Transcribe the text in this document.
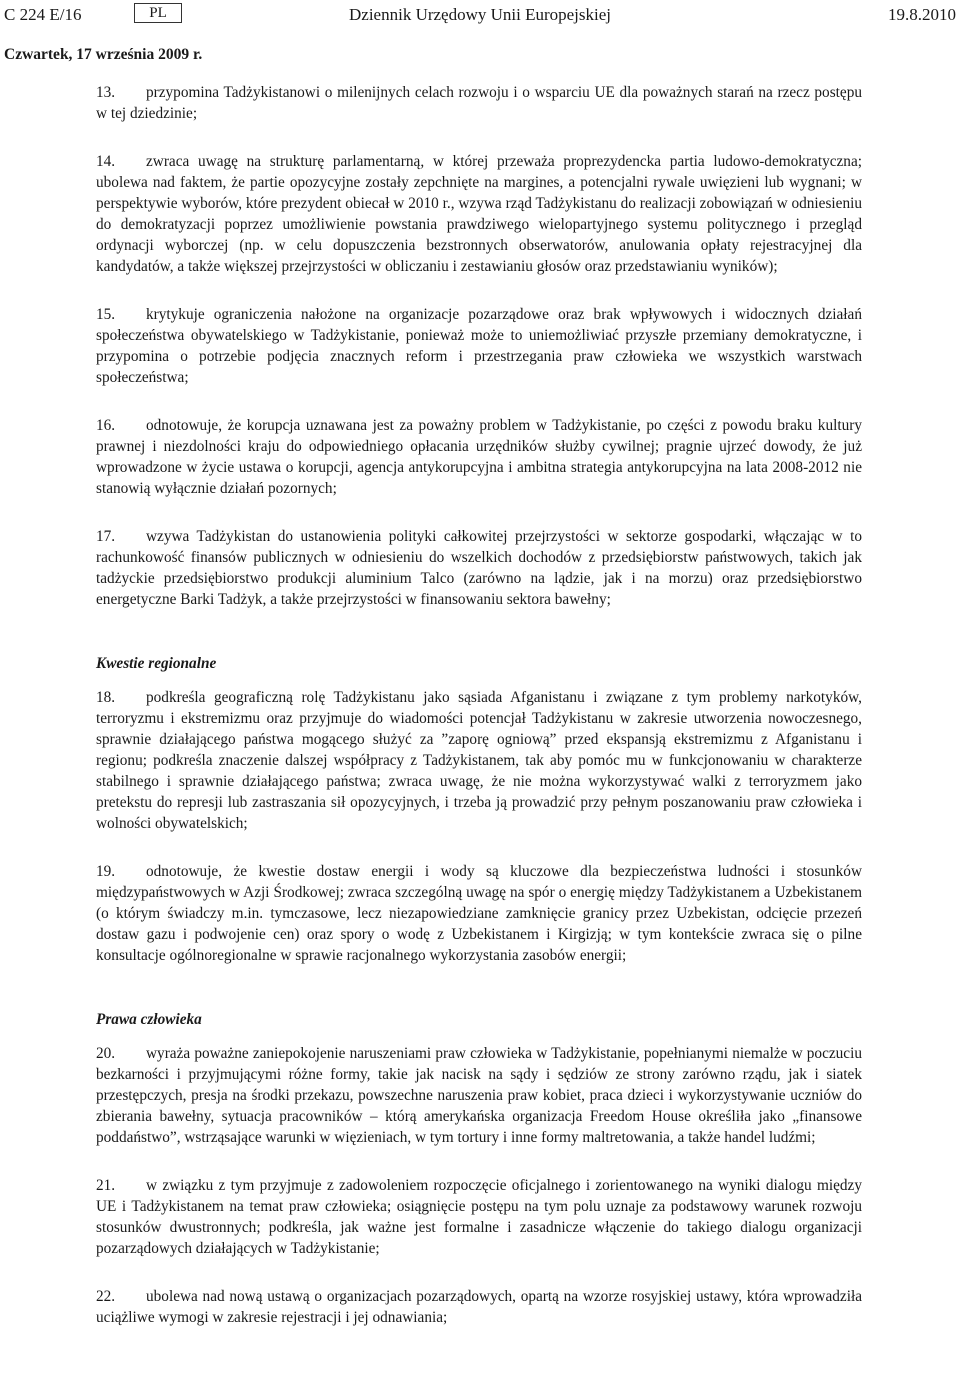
C 224 E/16	PL	Dziennik Urzędowy Unii Europejskiej	19.8.2010
Czwartek, 17 września 2009 r.

13. przypomina Tadżykistanowi o milenijnych celach rozwoju i o wsparciu UE dla poważnych starań na rzecz postępu w tej dziedzinie;

14. zwraca uwagę na strukturę parlamentarną, w której przeważa proprezydencka partia ludowo-demokratyczna; ubolewa nad faktem, że partie opozycyjne zostały zepchnięte na margines, a potencjalni rywale uwięzieni lub wygnani; w perspektywie wyborów, które prezydent obiecał w 2010 r., wzywa rząd Tadżykistanu do realizacji zobowiązań w odniesieniu do demokratyzacji poprzez umożliwienie powstania prawdziwego wielopartyjnego systemu politycznego i przegląd ordynacji wyborczej (np. w celu dopuszczenia bezstronnych obserwatorów, anulowania opłaty rejestracyjnej dla kandydatów, a także większej przejrzystości w obliczaniu i zestawianiu głosów oraz przedstawianiu wyników);

15. krytykuje ograniczenia nałożone na organizacje pozarządowe oraz brak wpływowych i widocznych działań społeczeństwa obywatelskiego w Tadżykistanie, ponieważ może to uniemożliwiać przyszłe przemiany demokratyczne, i przypomina o potrzebie podjęcia znacznych reform i przestrzegania praw człowieka we wszystkich warstwach społeczeństwa;

16. odnotowuje, że korupcja uznawana jest za poważny problem w Tadżykistanie, po części z powodu braku kultury prawnej i niezdolności kraju do odpowiedniego opłacania urzędników służby cywilnej; pragnie ujrzeć dowody, że już wprowadzone w życie ustawa o korupcji, agencja antykorupcyjna i ambitna strategia antykorupcyjna na lata 2008-2012 nie stanowią wyłącznie działań pozornych;

17. wzywa Tadżykistan do ustanowienia polityki całkowitej przejrzystości w sektorze gospodarki, włączając w to rachunkowość finansów publicznych w odniesieniu do wszelkich dochodów z przedsiębiorstw państwowych, takich jak tadżyckie przedsiębiorstwo produkcji aluminium Talco (zarówno na lądzie, jak i na morzu) oraz przedsiębiorstwo energetyczne Barki Tadżyk, a także przejrzystości w finansowaniu sektora bawełny;

Kwestie regionalne

18. podkreśla geograficzną rolę Tadżykistanu jako sąsiada Afganistanu i związane z tym problemy narkotyków, terroryzmu i ekstremizmu oraz przyjmuje do wiadomości potencjał Tadżykistanu w zakresie utworzenia nowoczesnego, sprawnie działającego państwa mogącego służyć za ”zaporę ogniową” przed ekspansją ekstremizmu z Afganistanu i regionu; podkreśla znaczenie dalszej współpracy z Tadżykistanem, tak aby pomóc mu w funkcjonowaniu w charakterze stabilnego i sprawnie działającego państwa; zwraca uwagę, że nie można wykorzystywać walki z terroryzmem jako pretekstu do represji lub zastraszania sił opozycyjnych, i trzeba ją prowadzić przy pełnym poszanowaniu praw człowieka i wolności obywatelskich;

19. odnotowuje, że kwestie dostaw energii i wody są kluczowe dla bezpieczeństwa ludności i stosunków międzypaństwowych w Azji Środkowej; zwraca szczególną uwagę na spór o energię między Tadżykistanem a Uzbekistanem (o którym świadczy m.in. tymczasowe, lecz niezapowiedziane zamknięcie granicy przez Uzbekistan, odcięcie przezeń dostaw gazu i podwojenie cen) oraz spory o wodę z Uzbekistanem i Kirgizją; w tym kontekście zwraca się o pilne konsultacje ogólnoregionalne w sprawie racjonalnego wykorzystania zasobów energii;

Prawa człowieka

20. wyraża poważne zaniepokojenie naruszeniami praw człowieka w Tadżykistanie, popełnianymi niemalże w poczuciu bezkarności i przyjmującymi różne formy, takie jak nacisk na sądy i sędziów ze strony zarówno rządu, jak i siatek przestępczych, presja na środki przekazu, powszechne naruszenia praw kobiet, praca dzieci i wykorzystywanie uczniów do zbierania bawełny, sytuacja pracowników – którą amerykańska organizacja Freedom House określiła jako „finansowe poddaństwo”, wstrząsające warunki w więzieniach, w tym tortury i inne formy maltretowania, a także handel ludźmi;

21. w związku z tym przyjmuje z zadowoleniem rozpoczęcie oficjalnego i zorientowanego na wyniki dialogu między UE i Tadżykistanem na temat praw człowieka; osiągnięcie postępu na tym polu uznaje za podstawowy warunek rozwoju stosunków dwustronnych; podkreśla, jak ważne jest formalne i zasadnicze włączenie do takiego dialogu organizacji pozarządowych działających w Tadżykistanie;

22. ubolewa nad nową ustawą o organizacjach pozarządowych, opartą na wzorze rosyjskiej ustawy, która wprowadziła uciążliwe wymogi w zakresie rejestracji i jej odnawiania;
